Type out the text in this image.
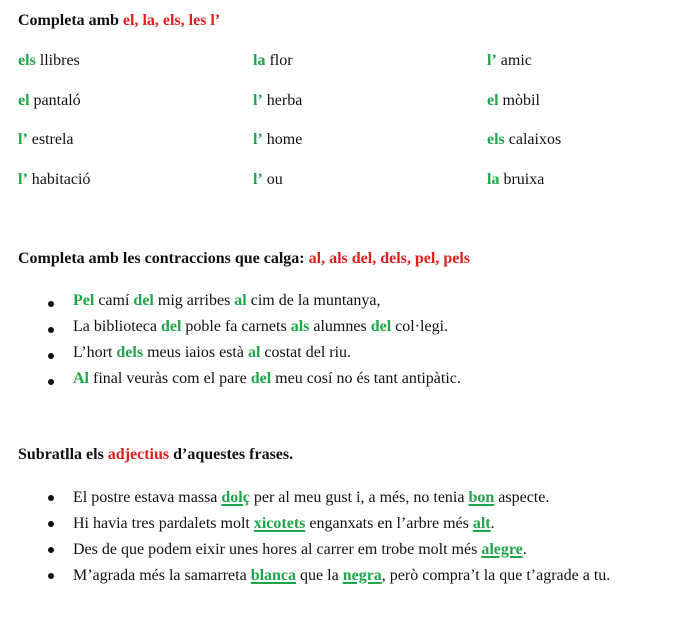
Completa amb el, la, els, les l’
els llibres	la flor	l’ amic
el pantaló	l’ herba	el mòbil
l’ estrela	l’ home	els calaixos
l’ habitació	l’ ou	la bruixa
Completa amb les contraccions que calga: al, als del, dels, pel, pels
Pel camí del mig arribes al cim de la muntanya,
La biblioteca del poble fa carnets als alumnes del col·legi.
L’hort dels meus iaios està al costat del riu.
Al final veuràs com el pare del meu cosí no és tant antipàtic.
Subratlla els adjectius d’aquestes frases.
El postre estava massa dolç per al meu gust i, a més, no tenia bon aspecte.
Hi havia tres pardalets molt xicotets enganxats en l’arbre més alt.
Des de que podem eixir unes hores al carrer em trobe molt més alegre.
M’agrada més la samarreta blanca que la negra, però compra’t la que t’agrade a tu.
